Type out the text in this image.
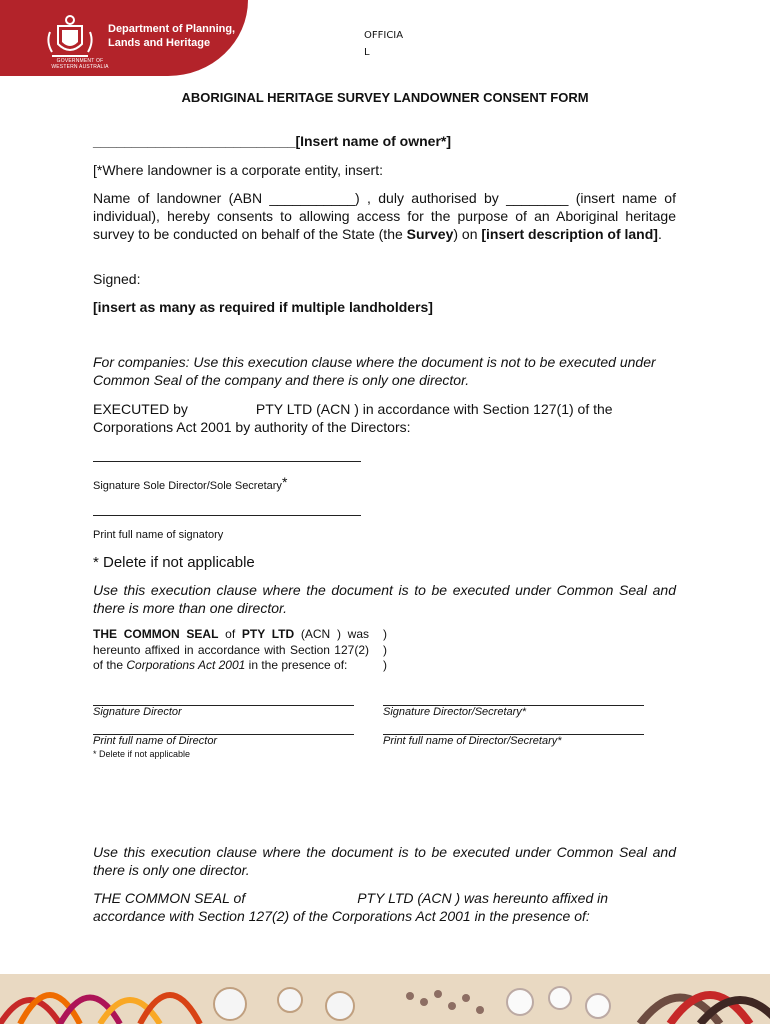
Department of Planning,
Lands and Heritage
GOVERNMENT OF
WESTERN AUSTRALIA
OFFICIA
L
ABORIGINAL HERITAGE SURVEY LANDOWNER CONSENT FORM
__________________________[Insert name of owner*]
[*Where landowner is a corporate entity, insert:
Name of landowner (ABN ___________) , duly authorised by ________ (insert name of individual), hereby consents to allowing access for the purpose of an Aboriginal heritage survey to be conducted on behalf of the State (the Survey) on [insert description of land].
Signed:
[insert as many as required if multiple landholders]
For companies: Use this execution clause where the document is not to be executed under Common Seal of the company and there is only one director.
EXECUTED by	PTY LTD (ACN ) in accordance with Section 127(1) of the Corporations Act 2001 by authority of the Directors:
Signature Sole Director/Sole Secretary*
Print full name of signatory
* Delete if not applicable
Use this execution clause where the document is to be executed under Common Seal and there is more than one director.
THE COMMON SEAL of PTY LTD (ACN ) was hereunto affixed in accordance with Section 127(2) of the Corporations Act 2001 in the presence of:
)
)
)
Signature Director	Signature Director/Secretary*
Print full name of Director	Print full name of Director/Secretary*
* Delete if not applicable
Use this execution clause where the document is to be executed under Common Seal and there is only one director.
THE COMMON SEAL of	PTY LTD (ACN ) was hereunto affixed in accordance with Section 127(2) of the Corporations Act 2001 in the presence of:
